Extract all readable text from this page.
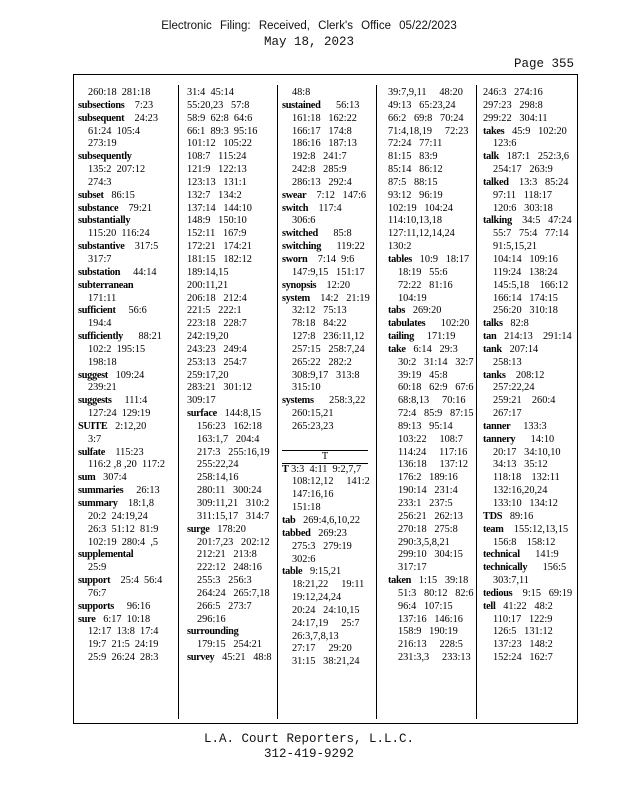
Electronic Filing: Received, Clerk's Office 05/22/2023
May 18, 2023
Page 355
260:18  281:18
subsections    7:23
subsequent    24:23
61:24  105:4
273:19
subsequently
135:2  207:12
274:3
subset   86:15
substance    79:21
substantially
115:20  116:24
substantive    317:5
317:7
substation     44:14
subterranean
171:11
sufficient     56:6
194:4
sufficiently      88:21
102:2  195:15
198:18
suggest   109:24
239:21
suggests     111:4
127:24  129:19
SUITE   2:12,20
3:7
sulfate    115:23
116:2 ,8 ,20  117:2
sum   307:4
summaries     26:13
summary    18:1,8
20:2  24:19,24
26:3  51:12  81:9
102:19  280:4  ,5
supplemental
25:9
support    25:4  56:4
76:7
supports     96:16
sure   6:17  10:18
12:17  13:8  17:4
19:7  21:5  24:19
25:9  26:24  28:3
31:4  45:14
55:20,23   57:8
58:9  62:8  64:6
66:1  89:3  95:16
101:12   105:22
108:7   115:24
121:9   122:13
123:13   131:1
132:7   134:2
137:14   144:10
148:9   150:10
152:11   167:9
172:21   174:21
181:15   182:12
189:14,15
200:11,21
206:18   212:4
221:5   222:1
223:18   228:7
242:19,20
243:23   249:4
253:13   254:7
259:17,20
283:21   301:12
309:17
surface   144:8,15
156:23   162:18
163:1,7   204:4
217:3   255:16,19
255:22,24
258:14,16
280:11   300:24
309:11,21   310:2
311:15,17   314:7
surge   178:20
201:7,23   202:12
212:21   213:8
222:12   248:16
255:3   256:3
264:24   265:7,18
266:5   273:7
296:16
surrounding
179:15   254:21
survey   45:21   48:8
48:8
sustained      56:13
161:18   162:22
166:17   174:8
186:16   187:13
192:8   241:7
242:8   285:9
286:13   292:4
swear    7:12   147:6
switch    117:4
306:6
switched      85:8
switching      119:22
sworn    7:14  9:6
147:9,15   151:17
synopsis    12:20
system    14:2   21:19
32:12   75:13
78:18   84:22
127:8   236:11,12
257:15   258:7,24
265:22   282:2
308:9,17   313:8
315:10
systems      258:3,22
260:15,21
265:23,23
T
T 3:3  4:11  9:2,7,7
108:12,12     141:2
147:16,16
151:18
tab   269:4,6,10,22
tabbed   269:23
275:3   279:19
302:6
table   9:15,21
18:21,22     19:11
19:12,24,24
20:24   24:10,15
24:17,19     25:7
26:3,7,8,13
27:17     29:20
31:15   38:21,24
39:7,9,11     48:20
49:13   65:23,24
66:2   69:8   70:24
71:4,18,19     72:23
72:24   77:11
81:15   83:9
85:14   86:12
87:5   88:15
93:12   96:19
102:19   104:24
114:10,13,18
127:11,12,14,24
130:2
tables   10:9   18:17
18:19   55:6
72:22   81:16
104:19
tabs   269:20
tabulates      102:20
tailing     171:19
take   6:14   29:3
30:2   31:14   32:7
39:19   45:8
60:18   62:9   67:6
68:8,13     70:16
72:4   85:9   87:15
89:13   95:14
103:22     108:7
114:24     117:16
136:18     137:12
176:2   189:16
190:14   231:4
233:1   237:5
256:21   262:13
270:18   275:8
290:3,5,8,21
299:10   304:15
317:17
taken   1:15   39:18
51:3   80:12   82:6
96:4   107:15
137:16   146:16
158:9   190:19
216:13     228:5
231:3,3     233:13
246:3   274:16
297:23   298:8
299:22   304:11
takes   45:9   102:20
123:6
talk   187:1   252:3,6
254:17   263:9
talked    13:3   85:24
97:11   118:17
120:6   303:18
talking    34:5   47:24
55:7   75:4   77:14
91:5,15,21
104:14   109:16
119:24   138:24
145:5,18    166:12
166:14   174:15
256:20   310:18
talks   82:8
tan   214:13    291:14
tank   207:14
258:13
tanks    208:12
257:22,24
259:21    260:4
267:17
tanner     133:3
tannery      14:10
20:17   34:10,10
34:13   35:12
118:18    132:11
132:16,20,24
133:10   134:12
TDS   89:16
team    155:12,13,15
156:8    158:12
technical      141:9
technically      156:5
303:7,11
tedious    9:15   69:19
tell   41:22   48:2
110:17   122:9
126:5   131:12
137:23   148:2
152:24   162:7
L.A. Court Reporters, L.L.C.
312-419-9292
